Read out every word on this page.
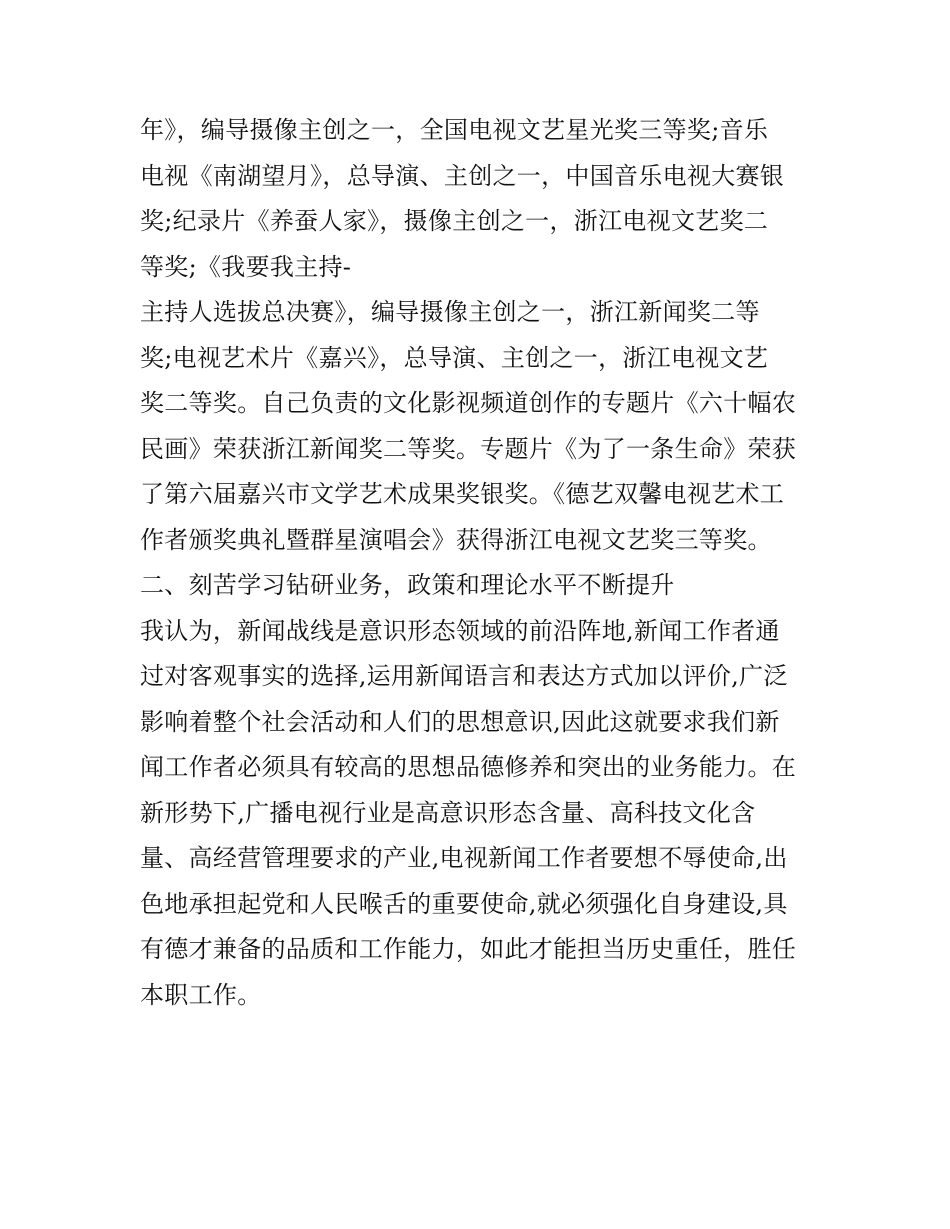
年》，编导摄像主创之一，全国电视文艺星光奖三等奖;音乐
电视《南湖望月》，总导演、主创之一，中国音乐电视大赛银
奖;纪录片《养蚕人家》，摄像主创之一，浙江电视文艺奖二
等奖;《我要我主持-
主持人选拔总决赛》，编导摄像主创之一，浙江新闻奖二等
奖;电视艺术片《嘉兴》，总导演、主创之一，浙江电视文艺
奖二等奖。自己负责的文化影视频道创作的专题片《六十幅农
民画》荣获浙江新闻奖二等奖。专题片《为了一条生命》荣获
了第六届嘉兴市文学艺术成果奖银奖。《德艺双馨电视艺术工
作者颁奖典礼暨群星演唱会》获得浙江电视文艺奖三等奖。
二、刻苦学习钻研业务，政策和理论水平不断提升
我认为，新闻战线是意识形态领域的前沿阵地,新闻工作者通
过对客观事实的选择,运用新闻语言和表达方式加以评价,广泛
影响着整个社会活动和人们的思想意识,因此这就要求我们新
闻工作者必须具有较高的思想品德修养和突出的业务能力。在
新形势下,广播电视行业是高意识形态含量、高科技文化含
量、高经营管理要求的产业,电视新闻工作者要想不辱使命,出
色地承担起党和人民喉舌的重要使命,就必须强化自身建设,具
有德才兼备的品质和工作能力，如此才能担当历史重任，胜任
本职工作。
